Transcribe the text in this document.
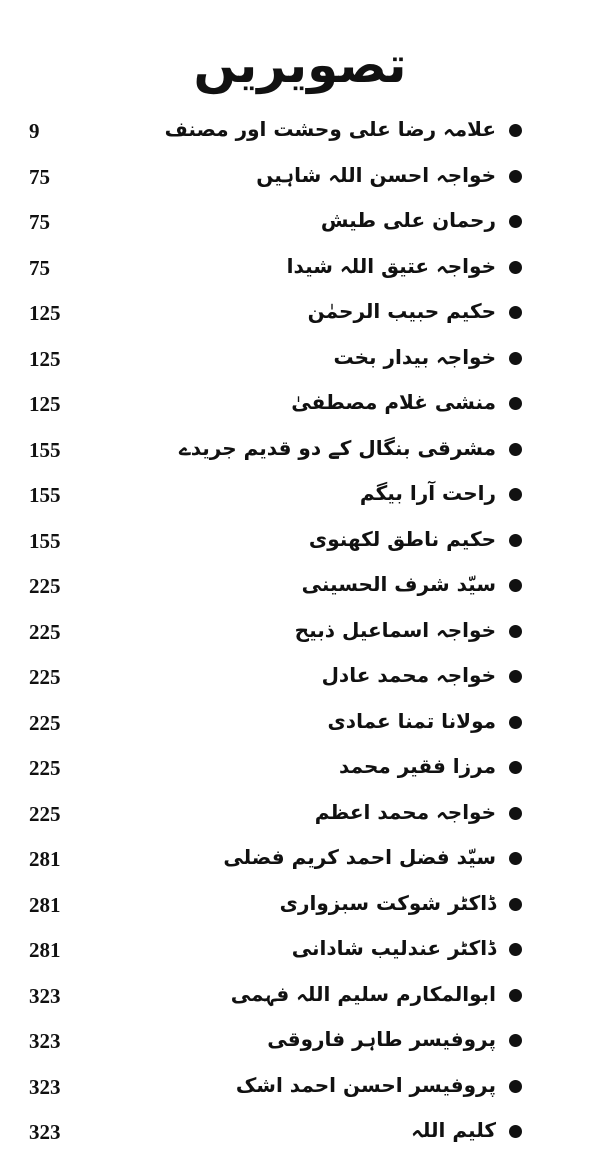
تصویریں
علامہ رضا علی وحشت اور مصنف
9
خواجہ احسن اللہ شاہیں
75
رحمان علی طیش
75
خواجہ عتیق اللہ شیدا
75
حکیم حبیب الرحمٰن
125
خواجہ بیدار بخت
125
منشی غلام مصطفیٰ
125
مشرقی بنگال کے دو قدیم جریدے
155
راحت آرا بیگم
155
حکیم ناطق لکھنوی
155
سیّد شرف الحسینی
225
خواجہ اسماعیل ذبیح
225
خواجہ محمد عادل
225
مولانا تمنا عمادی
225
مرزا فقیر محمد
225
خواجہ محمد اعظم
225
سیّد فضل احمد کریم فضلی
281
ڈاکٹر شوکت سبزواری
281
ڈاکٹر عندلیب شادانی
281
ابوالمکارم سلیم اللہ فہمی
323
پروفیسر طاہر فاروقی
323
پروفیسر احسن احمد اشک
323
کلیم اللہ
323
